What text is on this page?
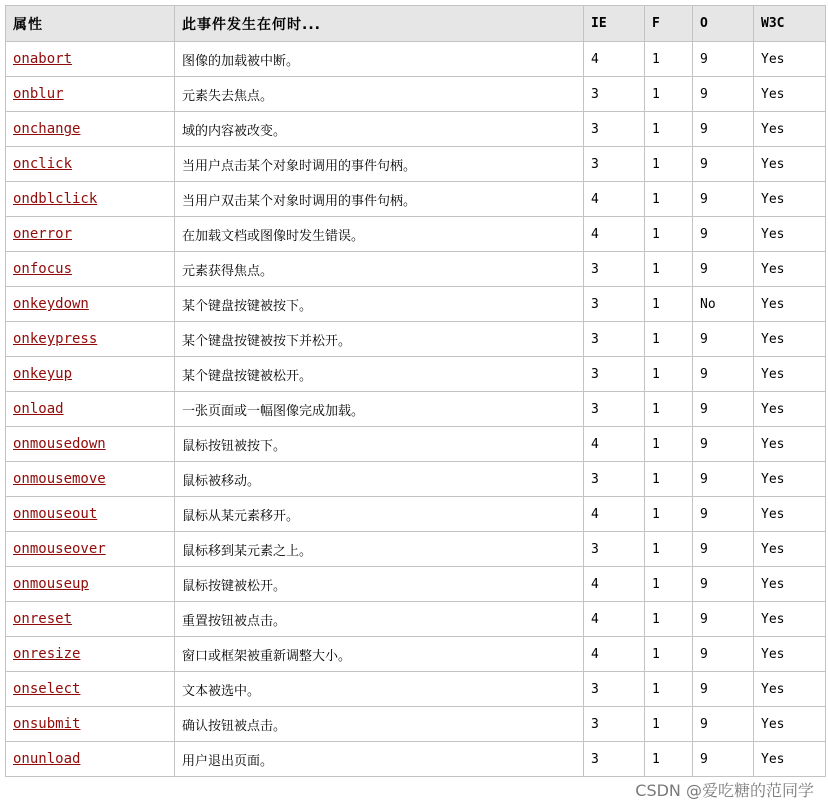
属性	此事件发生在何时...	IE	F	O	W3C
onabort	图像的加载被中断。	4	1	9	Yes
onblur	元素失去焦点。	3	1	9	Yes
onchange	域的内容被改变。	3	1	9	Yes
onclick	当用户点击某个对象时调用的事件句柄。	3	1	9	Yes
ondblclick	当用户双击某个对象时调用的事件句柄。	4	1	9	Yes
onerror	在加载文档或图像时发生错误。	4	1	9	Yes
onfocus	元素获得焦点。	3	1	9	Yes
onkeydown	某个键盘按键被按下。	3	1	No	Yes
onkeypress	某个键盘按键被按下并松开。	3	1	9	Yes
onkeyup	某个键盘按键被松开。	3	1	9	Yes
onload	一张页面或一幅图像完成加载。	3	1	9	Yes
onmousedown	鼠标按钮被按下。	4	1	9	Yes
onmousemove	鼠标被移动。	3	1	9	Yes
onmouseout	鼠标从某元素移开。	4	1	9	Yes
onmouseover	鼠标移到某元素之上。	3	1	9	Yes
onmouseup	鼠标按键被松开。	4	1	9	Yes
onreset	重置按钮被点击。	4	1	9	Yes
onresize	窗口或框架被重新调整大小。	4	1	9	Yes
onselect	文本被选中。	3	1	9	Yes
onsubmit	确认按钮被点击。	3	1	9	Yes
onunload	用户退出页面。	3	1	9	Yes
CSDN @爱吃糖的范同学
